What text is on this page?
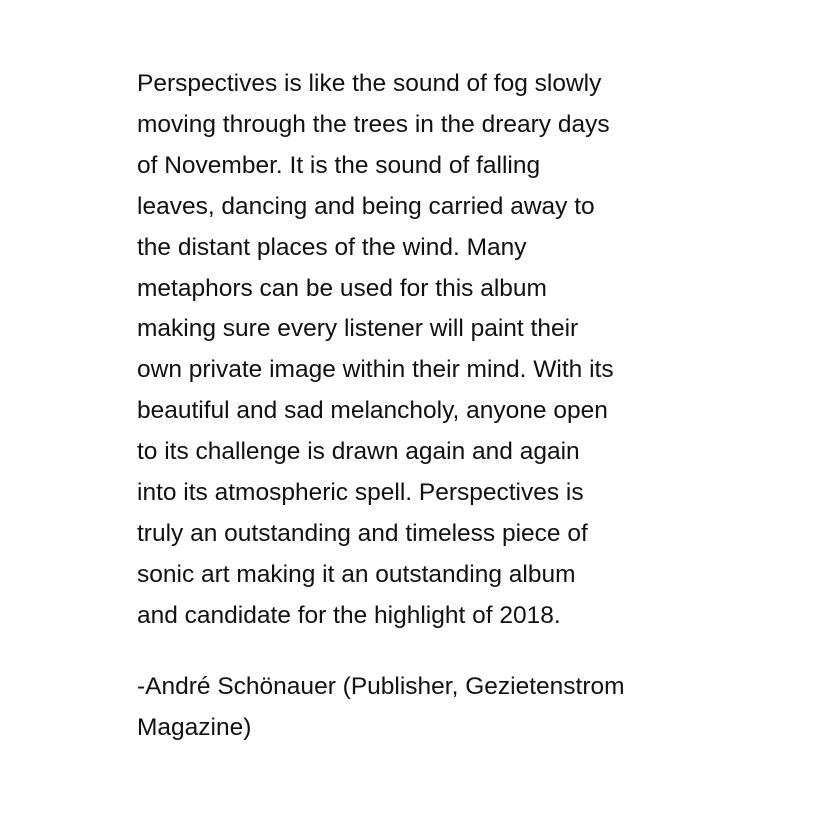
Perspectives is like the sound of fog slowly
moving through the trees in the dreary days
of November. It is the sound of falling
leaves, dancing and being carried away to
the distant places of the wind. Many
metaphors can be used for this album
making sure every listener will paint their
own private image within their mind. With its
beautiful and sad melancholy, anyone open
to its challenge is drawn again and again
into its atmospheric spell. Perspectives is
truly an outstanding and timeless piece of
sonic art making it an outstanding album
and candidate for the highlight of 2018.

-André Schönauer (Publisher, Gezietenstrom
Magazine)
